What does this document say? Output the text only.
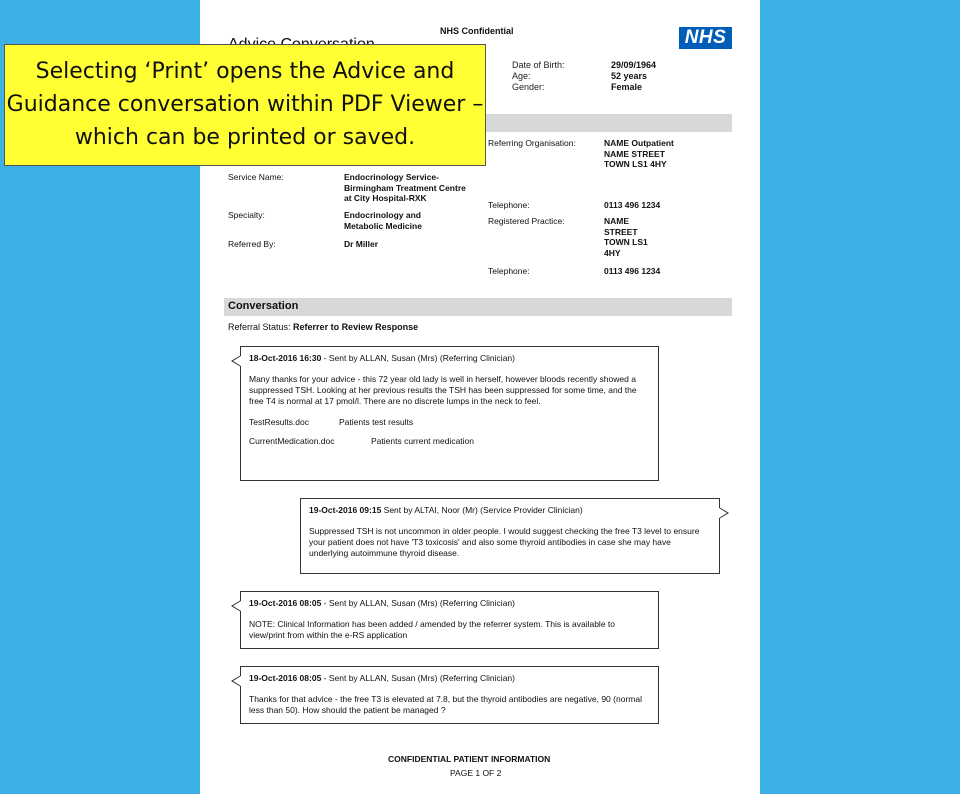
NHS Confidential	NHS
Date of Birth:	29/09/1964
Age:	52 years
Gender:	Female
Service Name:	Endocrinology Service- Birmingham Treatment Centre at City Hospital-RXK
Specialty:	Endocrinology and Metabolic Medicine
Referred By:	Dr Miller
Referring Organisation:	NAME Outpatient NAME STREET TOWN LS1 4HY
Telephone:	0113 496 1234
Registered Practice:	NAME STREET TOWN LS1 4HY
Telephone:	0113 496 1234
Conversation
Referral Status: Referrer to Review Response
18-Oct-2016 16:30 - Sent by ALLAN, Susan (Mrs) (Referring Clinician)

Many thanks for your advice - this 72 year old lady is well in herself, however bloods recently showed a suppressed TSH. Looking at her previous results the TSH has been suppressed for some time, and the free T4 is normal at 17 pmol/l. There are no discrete lumps in the neck to feel.

TestResults.doc	Patients test results
CurrentMedication.doc	Patients current medication
19-Oct-2016 09:15 Sent by ALTAI, Noor (Mr) (Service Provider Clinician)

Suppressed TSH is not uncommon in older people. I would suggest checking the free T3 level to ensure your patient does not have 'T3 toxicosis' and also some thyroid antibodies in case she may have underlying autoimmune thyroid disease.

19-Oct-2016 08:05 - Sent by ALLAN, Susan (Mrs) (Referring Clinician)

NOTE: Clinical Information has been added / amended by the referrer system. This is available to view/print from within the e-RS application

19-Oct-2016 08:05 - Sent by ALLAN, Susan (Mrs) (Referring Clinician)

Thanks for that advice - the free T3 is elevated at 7.8, but the thyroid antibodies are negative, 90 (normal less than 50). How should the patient be managed ?

CONFIDENTIAL PATIENT INFORMATION
PAGE 1 OF 2
Selecting ‘Print’ opens the Advice and Guidance conversation within PDF Viewer – which can be printed or saved.
